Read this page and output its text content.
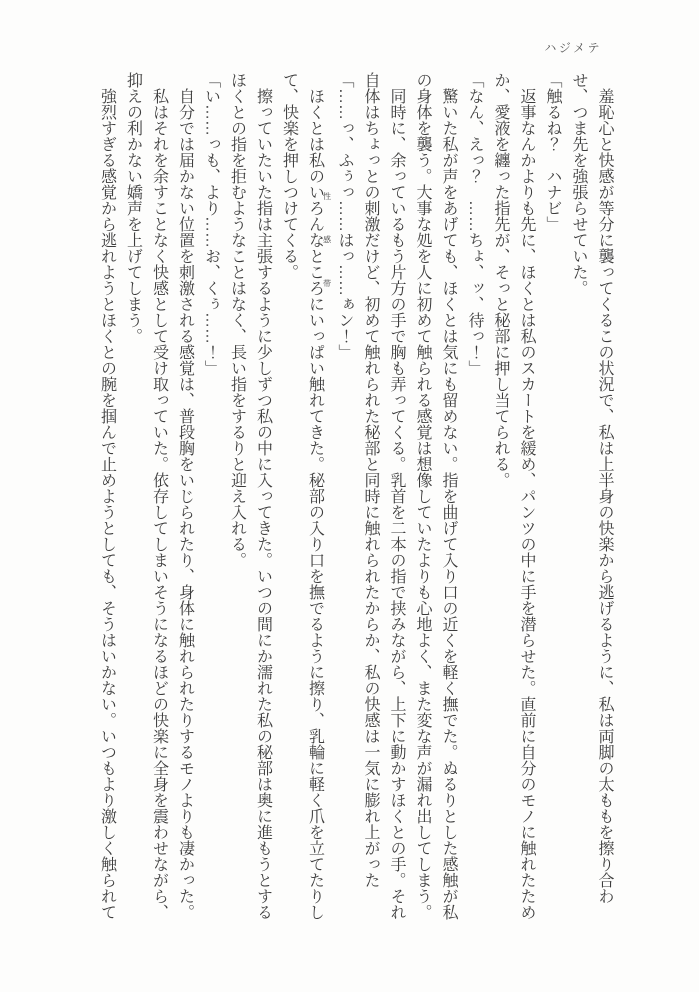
ハジメテ

羞恥心と快感が等分に襲ってくるこの状況で、私は上半身の快楽から逃げるように、私は両脚の太ももを擦り合わせ、つま先を強張らせていた。

「触るね？　ハナビ」

返事なんかよりも先に、ほくとは私のスカートを緩め、パンツの中に手を潜らせた。直前に自分のモノに触れたためか、愛液を纏った指先が、そっと秘部に押し当てられる。

「なん、えっ？　……ちょ、ッ、待っ！」

驚いた私が声をあげても、ほくとは気にも留めない。指を曲げて入り口の近くを軽く撫でた。ぬるりとした感触が私の身体を襲う。大事な処を人に初めて触られる感覚は想像していたよりも心地よく、また変な声が漏れ出してしまう。

同時に、余っているもう片方の手で胸も弄ってくる。乳首を二本の指で挟みながら、上下に動かすほくとの手。それ自体はちょっとの刺激だけど、初めて触れられた秘部と同時に触れられたからか、私の快感は一気に膨れ上がった

「……っ、ふぅっ……はっ……ぁン！」

ほくとは私のいろんなところ 性感帯にいっぱい触れてきた。秘部の入り口を撫でるように擦り、乳輪に軽く爪を立てたりして、快楽を押しつけてくる。

擦っていたいた指は主張するように少しずつ私の中に入ってきた。いつの間にか濡れた私の秘部は奥に進もうとするほくとの指を拒むようなことはなく、長い指をするりと迎え入れる。

「い……っも、より……お、くぅ……！」

自分では届かない位置を刺激される感覚は、普段胸をいじられたり、身体に触れられたりするモノよりも凄かった。

私はそれを余すことなく快感として受け取っていた。依存してしまいそうになるほどの快楽に全身を震わせながら、抑えの利かない嬌声を上げてしまう。

強烈すぎる感覚から逃れようとほくとの腕を掴んで止めようとしても、そうはいかない。いつもより激しく触られて
